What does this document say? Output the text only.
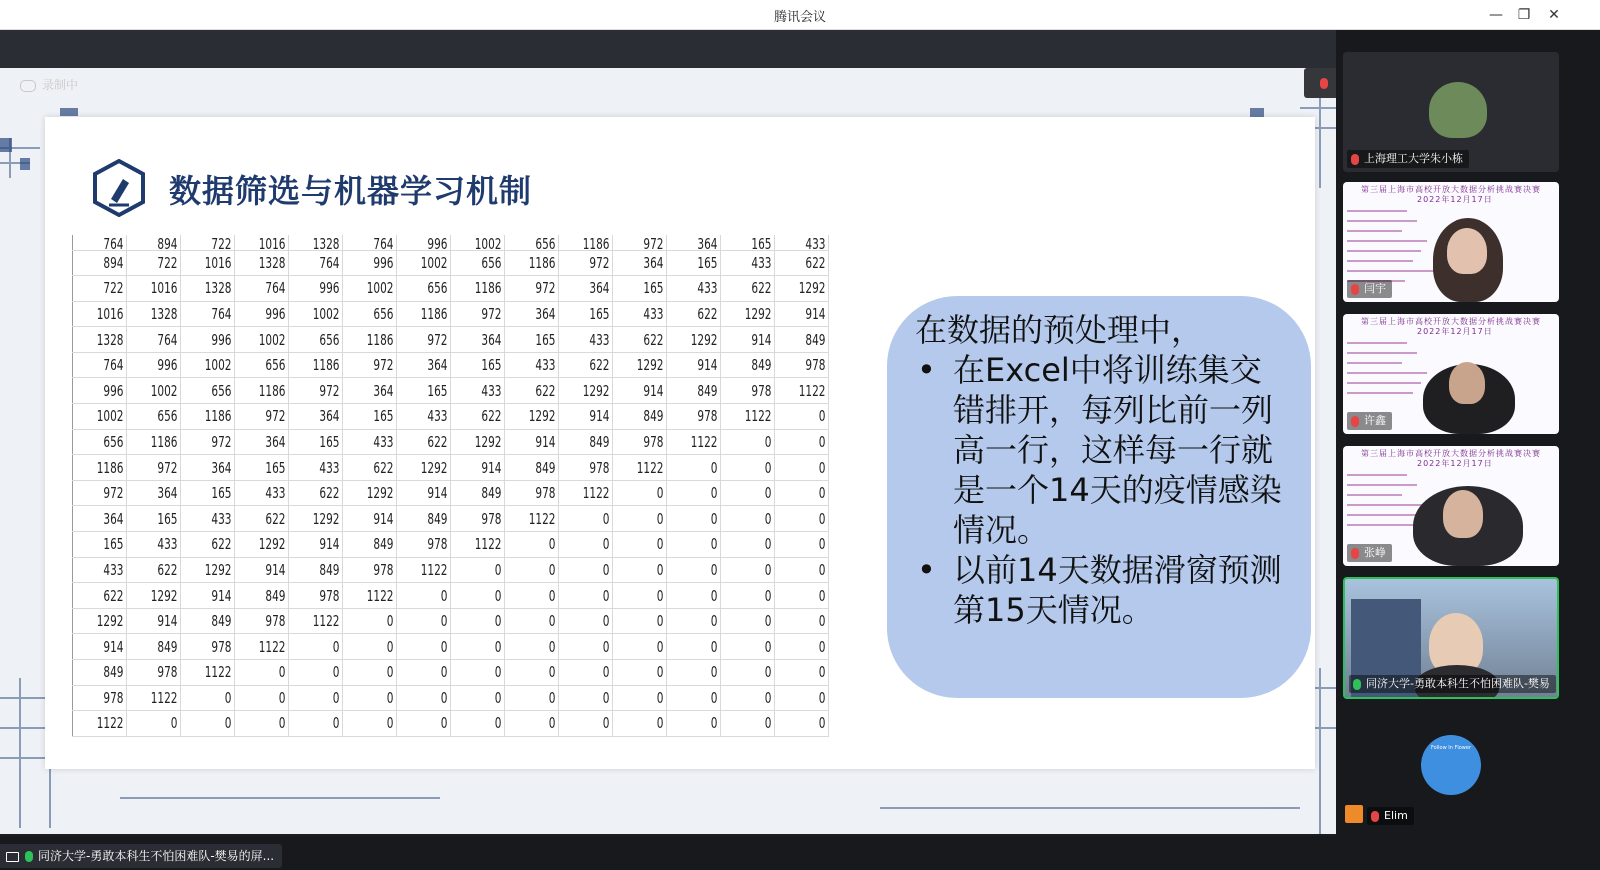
腾讯会议	— ❐ ✕
录制中
数据筛选与机器学习机制
764	894	722	1016	1328	764	996	1002	656	1186	972	364	165	433
894	722	1016	1328	764	996	1002	656	1186	972	364	165	433	622
722	1016	1328	764	996	1002	656	1186	972	364	165	433	622	1292
1016	1328	764	996	1002	656	1186	972	364	165	433	622	1292	914
1328	764	996	1002	656	1186	972	364	165	433	622	1292	914	849
764	996	1002	656	1186	972	364	165	433	622	1292	914	849	978
996	1002	656	1186	972	364	165	433	622	1292	914	849	978	1122
1002	656	1186	972	364	165	433	622	1292	914	849	978	1122	0
656	1186	972	364	165	433	622	1292	914	849	978	1122	0	0
1186	972	364	165	433	622	1292	914	849	978	1122	0	0	0
972	364	165	433	622	1292	914	849	978	1122	0	0	0	0
364	165	433	622	1292	914	849	978	1122	0	0	0	0	0
165	433	622	1292	914	849	978	1122	0	0	0	0	0	0
433	622	1292	914	849	978	1122	0	0	0	0	0	0	0
622	1292	914	849	978	1122	0	0	0	0	0	0	0	0
1292	914	849	978	1122	0	0	0	0	0	0	0	0	0
914	849	978	1122	0	0	0	0	0	0	0	0	0	0
849	978	1122	0	0	0	0	0	0	0	0	0	0	0
978	1122	0	0	0	0	0	0	0	0	0	0	0	0
1122	0	0	0	0	0	0	0	0	0	0	0	0	0
在数据的预处理中，
• 在Excel中将训练集交错排开，每列比前一列高一行，这样每一行就是一个14天的疫情感染情况。
• 以前14天数据滑窗预测第15天情况。
上海理工大学朱小栋
第三届上海市高校开放大数据分析挑战赛决赛
2022年12月17日
闫宇
第三届上海市高校开放大数据分析挑战赛决赛
2022年12月17日
许鑫
第三届上海市高校开放大数据分析挑战赛决赛
2022年12月17日
张峥
同济大学-勇敢本科生不怕困难队-樊易
Follow In Flower
Elim
同济大学-勇敢本科生不怕困难队-樊易的屏...
